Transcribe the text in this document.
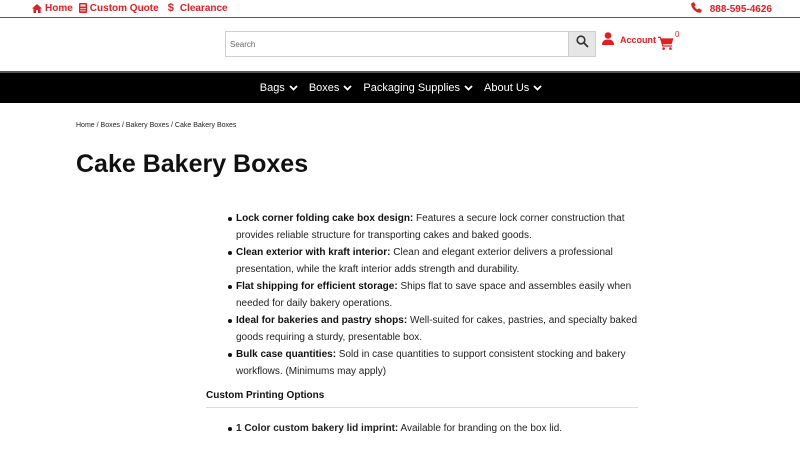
Home Custom Quote $ Clearance	888-595-4626
Search
Account 0
Bags Boxes Packaging Supplies About Us
Home / Boxes / Bakery Boxes / Cake Bakery Boxes
Cake Bakery Boxes
Lock corner folding cake box design: Features a secure lock corner construction that provides reliable structure for transporting cakes and baked goods.
Clean exterior with kraft interior: Clean and elegant exterior delivers a professional presentation, while the kraft interior adds strength and durability.
Flat shipping for efficient storage: Ships flat to save space and assembles easily when needed for daily bakery operations.
Ideal for bakeries and pastry shops: Well-suited for cakes, pastries, and specialty baked goods requiring a sturdy, presentable box.
Bulk case quantities: Sold in case quantities to support consistent stocking and bakery workflows. (Minimums may apply)
Custom Printing Options
1 Color custom bakery lid imprint: Available for branding on the box lid.
